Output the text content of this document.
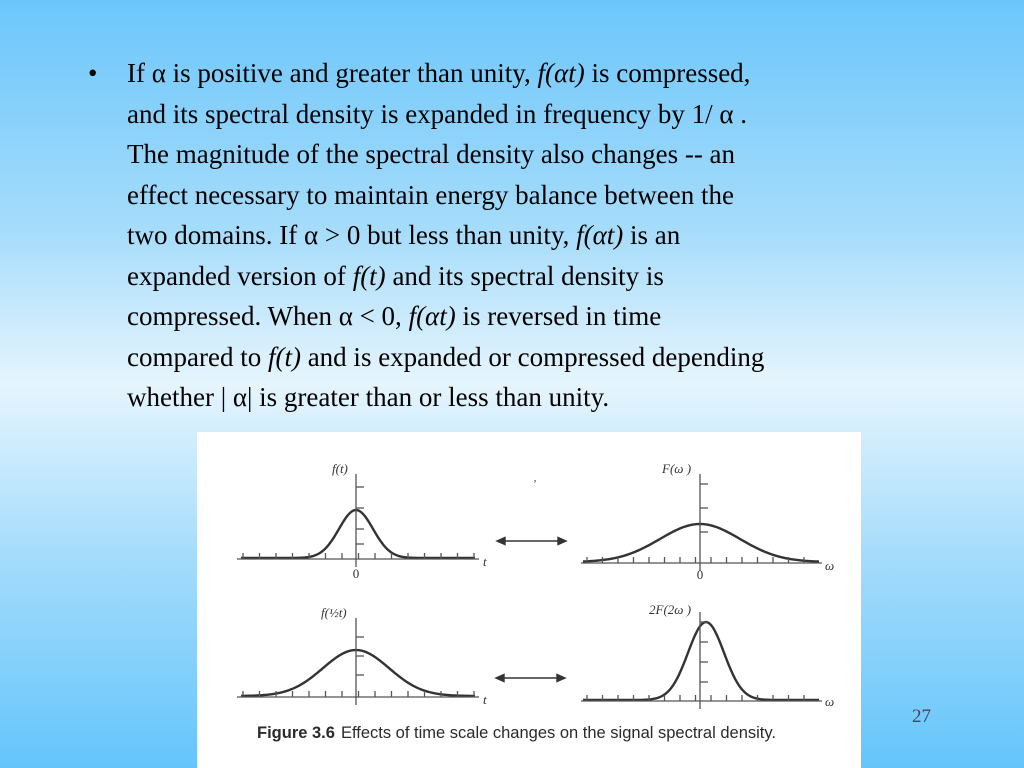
• If α is positive and greater than unity, f(αt) is compressed,
and its spectral density is expanded in frequency by 1/ α .
The magnitude of the spectral density also changes -- an
effect necessary to maintain energy balance between the
two domains. If α > 0 but less than unity, f(αt) is an
expanded version of f(t) and its spectral density is
compressed. When α < 0, f(αt) is reversed in time
compared to f(t) and is expanded or compressed depending
whether | α| is greater than or less than unity.

f(t)
t
0
F(ω )
ω
0
f(½t)
t
2F(2ω )
ω
ʼ
Figure 3.6 Effects of time scale changes on the signal spectral density.
27
